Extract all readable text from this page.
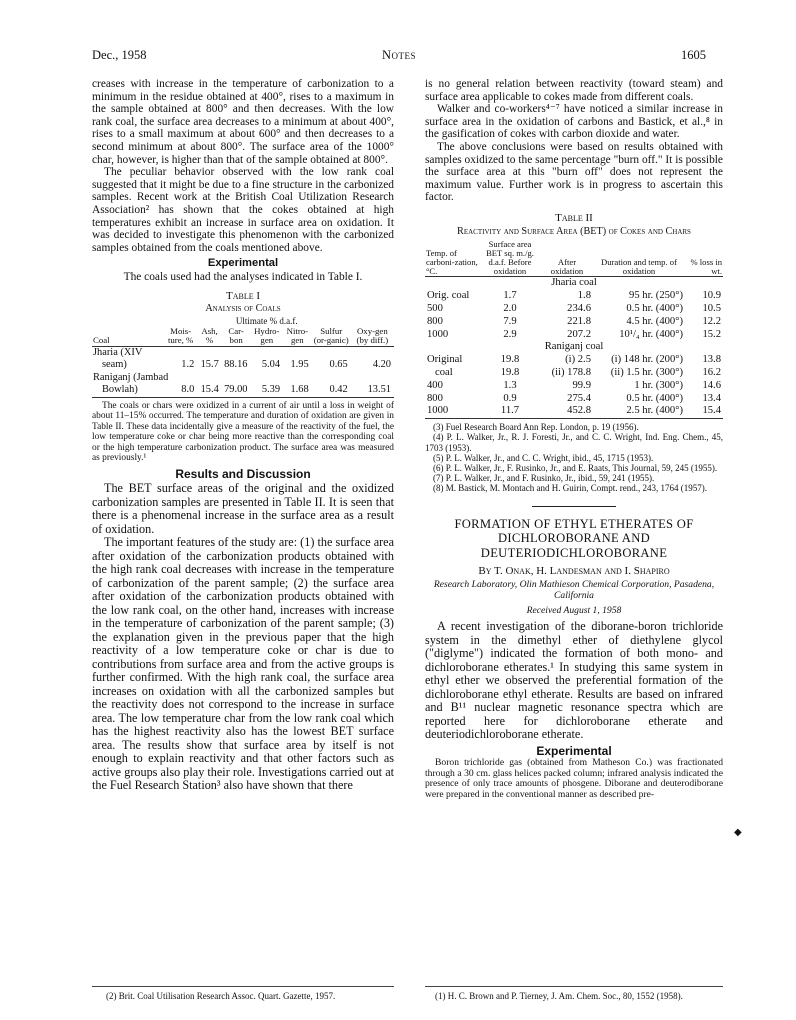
Dec., 1958	Notes	1605

creases with increase in the temperature of carbonization to a minimum in the residue obtained at 400°, rises to a maximum in the sample obtained at 800° and then decreases. With the low rank coal, the surface area decreases to a minimum at about 400°, rises to a small maximum at about 600° and then decreases to a second minimum at about 800°. The surface area of the 1000° char, however, is higher than that of the sample obtained at 800°.

The peculiar behavior observed with the low rank coal suggested that it might be due to a fine structure in the carbonized samples. Recent work at the British Coal Utilization Research Association² has shown that the cokes obtained at high temperatures exhibit an increase in surface area on oxidation. It was decided to investigate this phenomenon with the carbonized samples obtained from the coals mentioned above.

Experimental

The coals used had the analyses indicated in Table I.

Table I
Analysis of Coals
			Ultimate % d.a.f.				
Coal	Mois-ture, %	Ash, %	Car-bon	Hydro-gen	Nitro-gen	Sulfur (or-ganic)	Oxy-gen (by diff.)
Jharia (XIV							
seam)	1.2	15.7	88.16	5.04	1.95	0.65	4.20
Raniganj (Jambad							
Bowlah)	8.0	15.4	79.00	5.39	1.68	0.42	13.51

The coals or chars were oxidized in a current of air until a loss in weight of about 11–15% occurred. The temperature and duration of oxidation are given in Table II. These data incidentally give a measure of the reactivity of the fuel, the low temperature coke or char being more reactive than the corresponding coal or the high temperature carbonization product. The surface area was measured as previously.¹

Results and Discussion

The BET surface areas of the original and the oxidized carbonization samples are presented in Table II. It is seen that there is a phenomenal increase in the surface area as a result of oxidation.

The important features of the study are: (1) the surface area after oxidation of the carbonization products obtained with the high rank coal decreases with increase in the temperature of carbonization of the parent sample; (2) the surface area after oxidation of the carbonization products obtained with the low rank coal, on the other hand, increases with increase in the temperature of carbonization of the parent sample; (3) the explanation given in the previous paper that the high reactivity of a low temperature coke or char is due to contributions from surface area and from the active groups is further confirmed. With the high rank coal, the surface area increases on oxidation with all the carbonized samples but the reactivity does not correspond to the increase in surface area. The low temperature char from the low rank coal which has the highest reactivity also has the lowest BET surface area. The results show that surface area by itself is not enough to explain reactivity and that other factors such as active groups also play their role. Investigations carried out at the Fuel Research Station³ also have shown that there

is no general relation between reactivity (toward steam) and surface area applicable to cokes made from different coals.

Walker and co-workers⁴⁻⁷ have noticed a similar increase in surface area in the oxidation of carbons and Bastick, et al.,⁸ in the gasification of cokes with carbon dioxide and water.

The above conclusions were based on results obtained with samples oxidized to the same percentage "burn off." It is possible the surface area at this "burn off" does not represent the maximum value. Further work is in progress to ascertain this factor.

Table II
Reactivity and Surface Area (BET) of Cokes and Chars
Temp. of carboni-zation, °C.	Surface area BET sq. m./g. d.a.f. Before oxidation	After oxidation	Duration and temp. of oxidation	% loss in wt.
Jharia coal				
Orig. coal	1.7	1.8	95 hr. (250°)	10.9
500	2.0	234.6	0.5 hr. (400°)	10.5
800	7.9	221.8	4.5 hr. (400°)	12.2
1000	2.9	207.2	10¹/₄ hr. (400°)	15.2
Raniganj coal				
Original	19.8	(i) 2.5	(i) 148 hr. (200°)	13.8
coal	19.8	(ii) 178.8	(ii) 1.5 hr. (300°)	16.2
400	1.3	99.9	1 hr. (300°)	14.6
800	0.9	275.4	0.5 hr. (400°)	13.4
1000	11.7	452.8	2.5 hr. (400°)	15.4
(3) Fuel Research Board Ann Rep. London, p. 19 (1956).
(4) P. L. Walker, Jr., R. J. Foresti, Jr., and C. C. Wright, Ind. Eng. Chem., 45, 1703 (1953).
(5) P. L. Walker, Jr., and C. C. Wright, ibid., 45, 1715 (1953).
(6) P. L. Walker, Jr., F. Rusinko, Jr., and E. Raats, This Journal, 59, 245 (1955).
(7) P. L. Walker, Jr., and F. Rusinko, Jr., ibid., 59, 241 (1955).
(8) M. Bastick, M. Montach and H. Guirin, Compt. rend., 243, 1764 (1957).
FORMATION OF ETHYL ETHERATES OF DICHLOROBORANE AND DEUTERIODICHLOROBORANE
By T. Onak, H. Landesman and I. Shapiro
Research Laboratory, Olin Mathieson Chemical Corporation, Pasadena, California
Received August 1, 1958

A recent investigation of the diborane-boron trichloride system in the dimethyl ether of diethylene glycol ("diglyme") indicated the formation of both mono- and dichloroborane etherates.¹ In studying this same system in ethyl ether we observed the preferential formation of the dichloroborane ethyl etherate. Results are based on infrared and B¹¹ nuclear magnetic resonance spectra which are reported here for dichloroborane etherate and deuteriodichloroborane etherate.

Experimental

Boron trichloride gas (obtained from Matheson Co.) was fractionated through a 30 cm. glass helices packed column; infrared analysis indicated the presence of only trace amounts of phosgene. Diborane and deuterodiborane were prepared in the conventional manner as described pre-

◆
(2) Brit. Coal Utilisation Research Assoc. Quart. Gazette, 1957.	(1) H. C. Brown and P. Tierney, J. Am. Chem. Soc., 80, 1552 (1958).
